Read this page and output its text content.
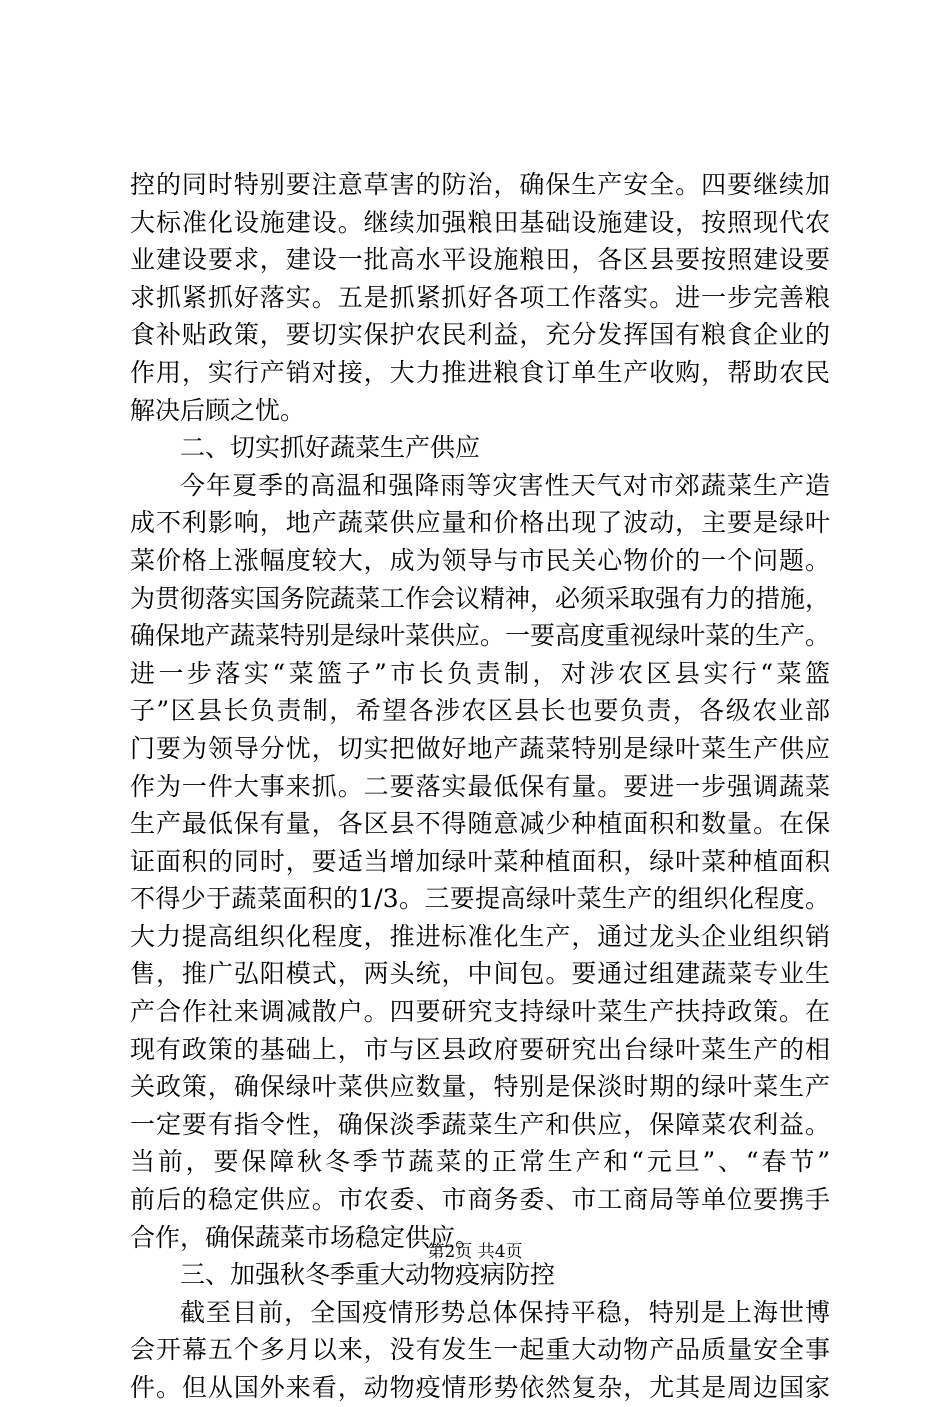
控的同时特别要注意草害的防治，确保生产安全。四要继续加
大标准化设施建设。继续加强粮田基础设施建设，按照现代农
业建设要求，建设一批高水平设施粮田，各区县要按照建设要
求抓紧抓好落实。五是抓紧抓好各项工作落实。进一步完善粮
食补贴政策，要切实保护农民利益，充分发挥国有粮食企业的
作用，实行产销对接，大力推进粮食订单生产收购，帮助农民
解决后顾之忧。
二、切实抓好蔬菜生产供应
今年夏季的高温和强降雨等灾害性天气对市郊蔬菜生产造
成不利影响，地产蔬菜供应量和价格出现了波动，主要是绿叶
菜价格上涨幅度较大，成为领导与市民关心物价的一个问题。
为贯彻落实国务院蔬菜工作会议精神，必须采取强有力的措施，
确保地产蔬菜特别是绿叶菜供应。一要高度重视绿叶菜的生产。
进一步落实“菜篮子”市长负责制，对涉农区县实行“菜篮
子”区县长负责制，希望各涉农区县长也要负责，各级农业部
门要为领导分忧，切实把做好地产蔬菜特别是绿叶菜生产供应
作为一件大事来抓。二要落实最低保有量。要进一步强调蔬菜
生产最低保有量，各区县不得随意减少种植面积和数量。在保
证面积的同时，要适当增加绿叶菜种植面积，绿叶菜种植面积
不得少于蔬菜面积的1/3。三要提高绿叶菜生产的组织化程度。
大力提高组织化程度，推进标准化生产，通过龙头企业组织销
售，推广弘阳模式，两头统，中间包。要通过组建蔬菜专业生
产合作社来调减散户。四要研究支持绿叶菜生产扶持政策。在
现有政策的基础上，市与区县政府要研究出台绿叶菜生产的相
关政策，确保绿叶菜供应数量，特别是保淡时期的绿叶菜生产
一定要有指令性，确保淡季蔬菜生产和供应，保障菜农利益。
当前，要保障秋冬季节蔬菜的正常生产和“元旦”、“春节”
前后的稳定供应。市农委、市商务委、市工商局等单位要携手
合作，确保蔬菜市场稳定供应。
三、加强秋冬季重大动物疫病防控
截至目前，全国疫情形势总体保持平稳，特别是上海世博
会开幕五个多月以来，没有发生一起重大动物产品质量安全事
件。但从国外来看，动物疫情形势依然复杂，尤其是周边国家
第2页 共4页
